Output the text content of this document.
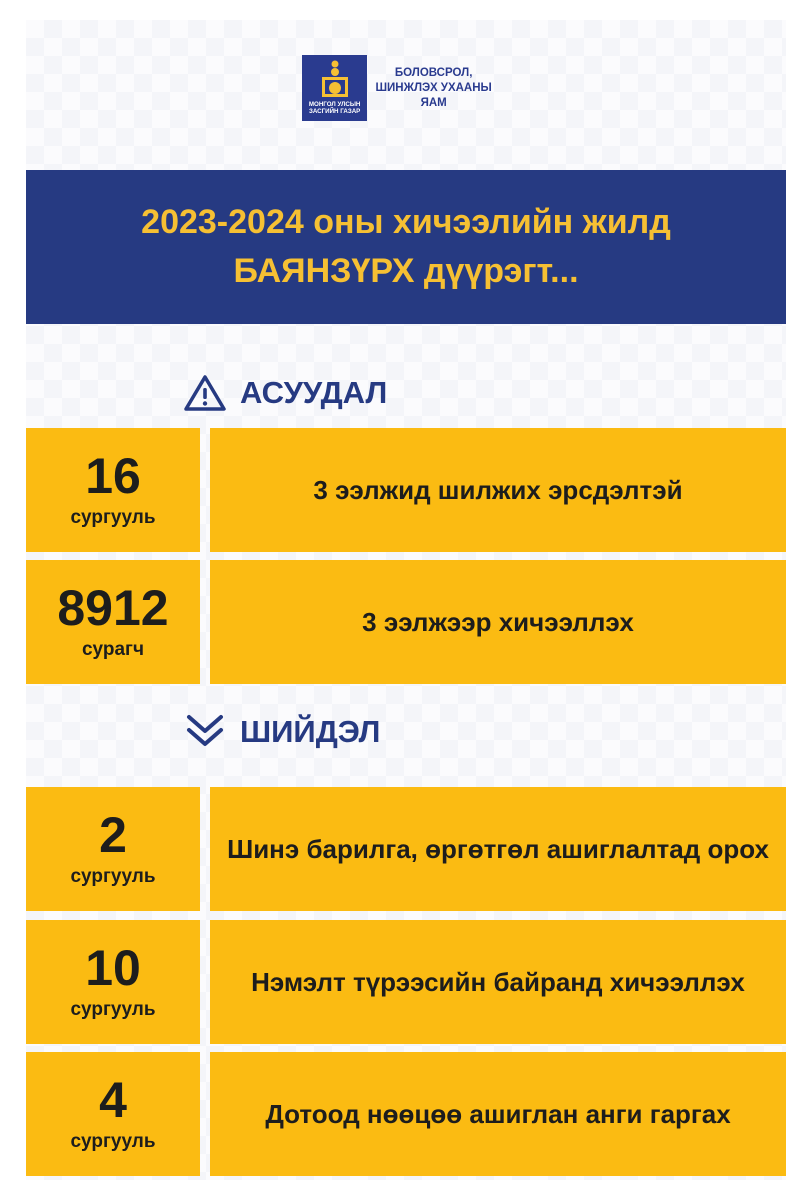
МОНГОЛ УЛСЫН
ЗАСГИЙН ГАЗАР
БОЛОВСРОЛ,
ШИНЖЛЭХ УХААНЫ
ЯАМ
2023-2024 оны хичээлийн жилд
БАЯНЗҮРХ дүүрэгт...
АСУУДАЛ
16
сургууль
3 ээлжид шилжих эрсдэлтэй
8912
сурагч
3 ээлжээр хичээллэх
ШИЙДЭЛ
2
сургууль
Шинэ барилга, өргөтгөл ашиглалтад орох
10
сургууль
Нэмэлт түрээсийн байранд хичээллэх
4
сургууль
Дотоод нөөцөө ашиглан анги гаргах
